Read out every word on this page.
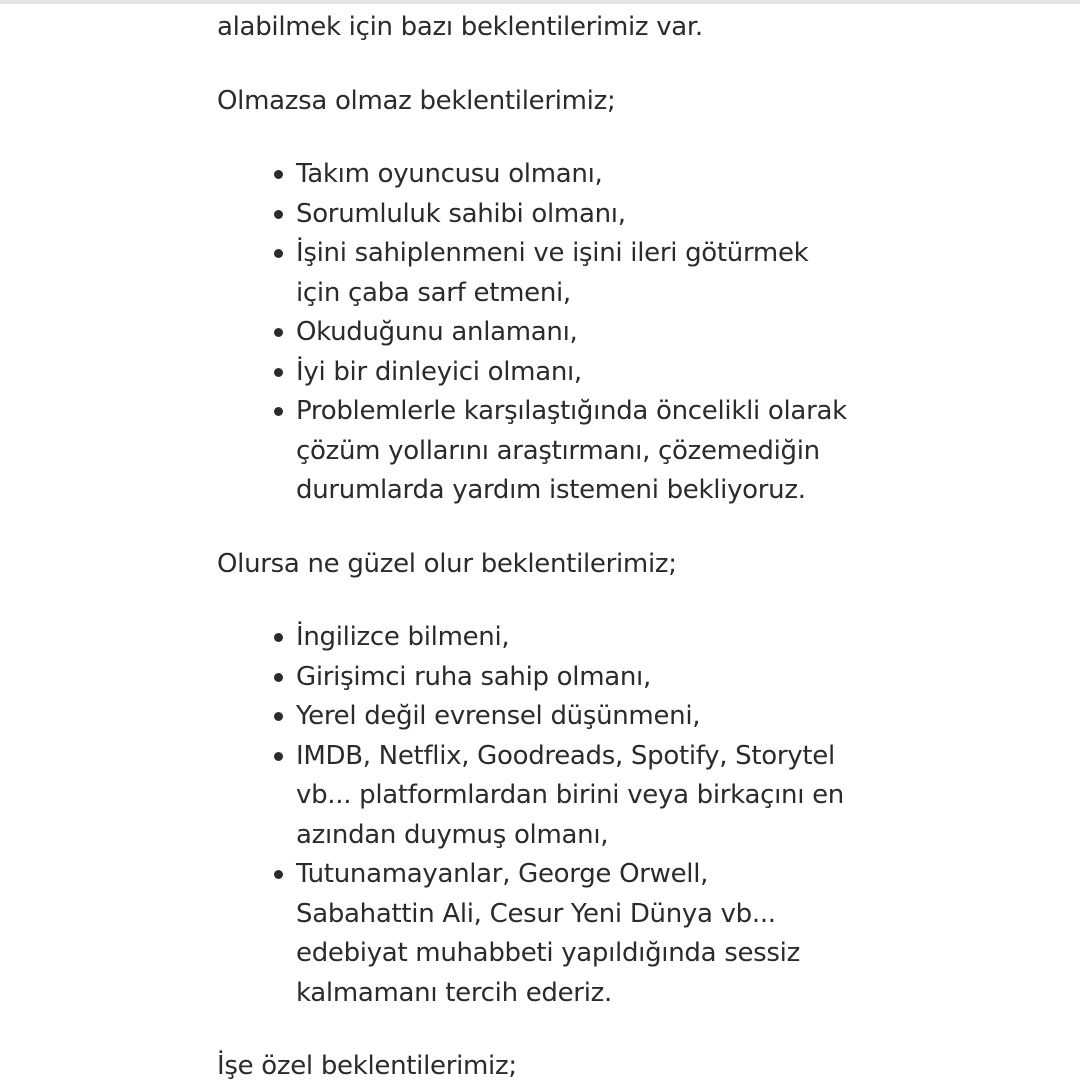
alabilmek için bazı beklentilerimiz var.

Olmazsa olmaz beklentilerimiz;

Takım oyuncusu olmanı,
Sorumluluk sahibi olmanı,
İşini sahiplenmeni ve işini ileri götürmek
için çaba sarf etmeni,
Okuduğunu anlamanı,
İyi bir dinleyici olmanı,
Problemlerle karşılaştığında öncelikli olarak
çözüm yollarını araştırmanı, çözemediğin
durumlarda yardım istemeni bekliyoruz.

Olursa ne güzel olur beklentilerimiz;

İngilizce bilmeni,
Girişimci ruha sahip olmanı,
Yerel değil evrensel düşünmeni,
IMDB, Netflix, Goodreads, Spotify, Storytel
vb... platformlardan birini veya birkaçını en
azından duymuş olmanı,
Tutunamayanlar, George Orwell,
Sabahattin Ali, Cesur Yeni Dünya vb...
edebiyat muhabbeti yapıldığında sessiz
kalmamanı tercih ederiz.

İşe özel beklentilerimiz;
